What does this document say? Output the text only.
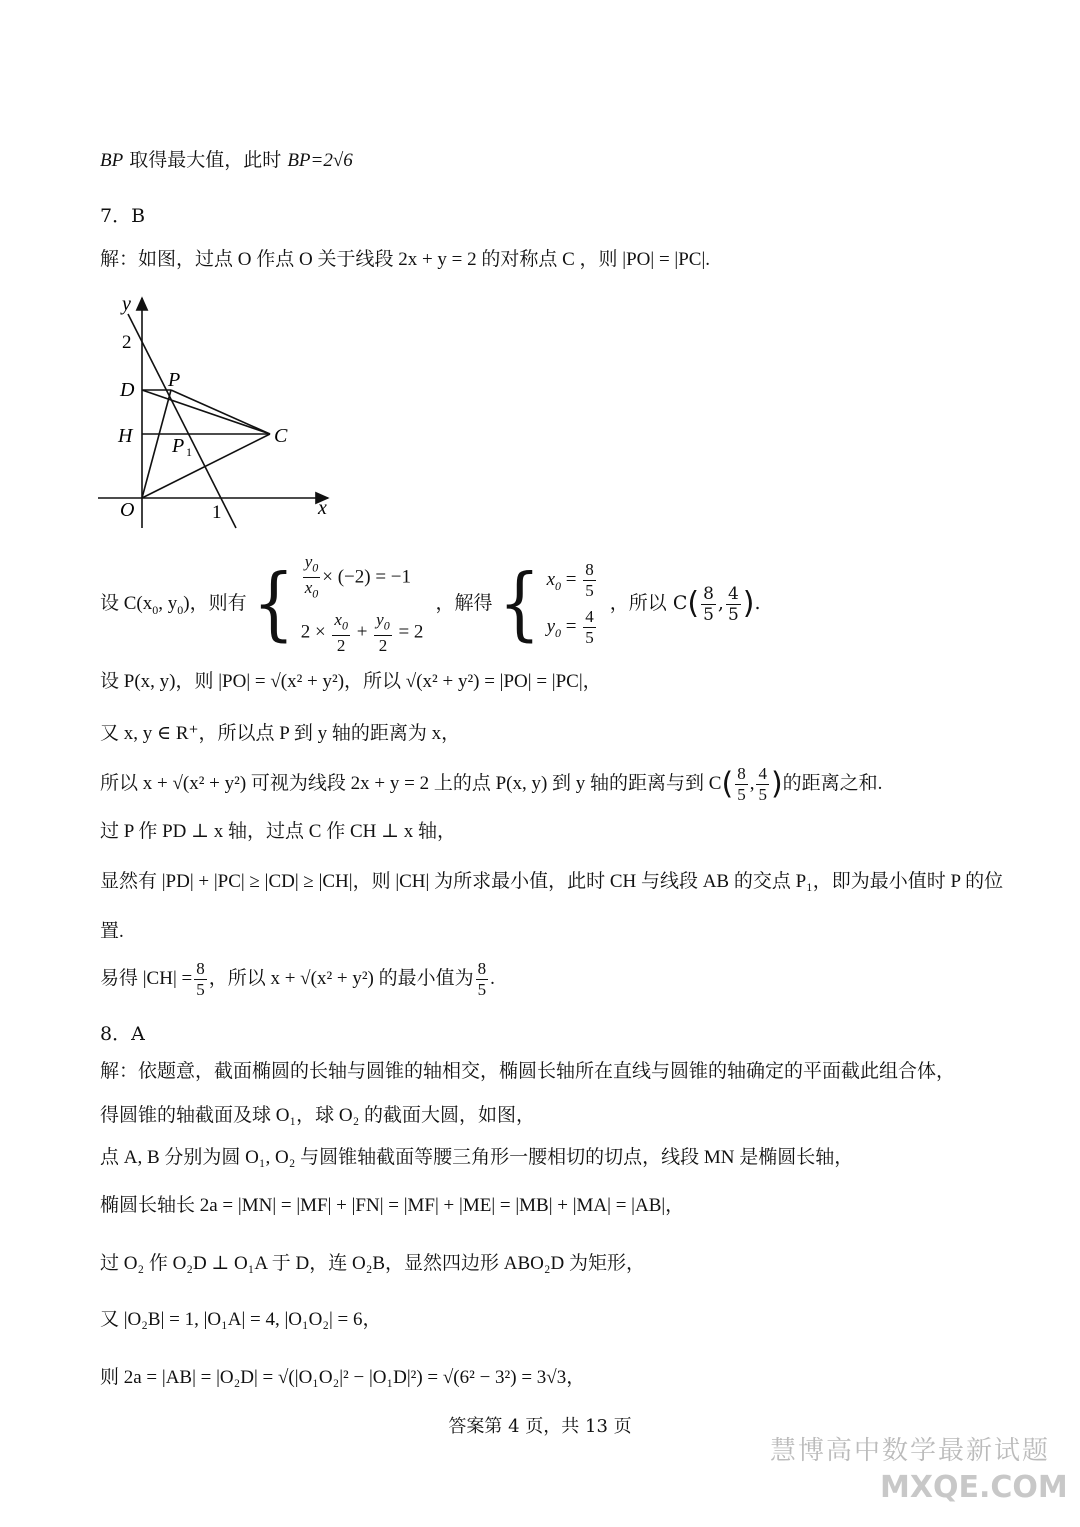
BP 取得最大值，此时 BP=2√6
7．B
解：如图，过点 O 作点 O 关于线段 2x + y = 2 的对称点 C ，则 |PO| = |PC|.
y
2
D P
H	C
P 1
O	1	x
设 $C(x_0$, $y_0$)，则有 { $\frac{y_0}{x_0} \times (-2) = -1$
$2 \times \frac{x_0}{2} + \frac{y_0}{2} = 2$
，解得 { $x_0 = \frac{8}{5}$
$y_0 = \frac{4}{5}$
，所以 $C( \frac{8}{5}$ , $\frac{4}{5}$ ).
设 P(x, y)，则 |PO| = √(x² + y²)，所以 √(x² + y²) = |PO| = |PC|，
又 x, y ∈ R⁺，所以点 P 到 y 轴的距离为 x，
所以 x + √(x² + y²) 可视为线段 2x + y = 2 上的点 P(x, y) 到 y 轴的距离与到 $C( \frac{8}{5}$ , $\frac{4}{5}$ )的距离之和.
过 P 作 PD ⊥ x 轴，过点 C 作 CH ⊥ x 轴，
显然有 |PD| + |PC| ≥ |CD| ≥ |CH|，则 |CH| 为所求最小值，此时 CH 与线段 AB 的交点 P₁，即为最小值时 P 的位
置.
易得 $|CH| = \frac{8}{5}$ ，所以 x + √(x² + y²) 的最小值为 $\frac{8}{5}$ .
8．A
解：依题意，截面椭圆的长轴与圆锥的轴相交，椭圆长轴所在直线与圆锥的轴确定的平面截此组合体，
得圆锥的轴截面及球 O₁，球 O₂ 的截面大圆，如图，
点 A, B 分别为圆 O₁, O₂ 与圆锥轴截面等腰三角形一腰相切的切点，线段 MN 是椭圆长轴，
椭圆长轴长 2a = |MN| = |MF| + |FN| = |MF| + |ME| = |MB| + |MA| = |AB|，
过 O₂ 作 O₂D ⊥ O₁A 于 D，连 O₂B，显然四边形 ABO₂D 为矩形，
又 |O₂B| = 1, |O₁A| = 4, |O₁O₂| = 6，
则 2a = |AB| = |O₂D| = √(|O₁O₂|² − |O₁D|²) = √(6² − 3²) = 3√3，
答案第 4 页，共 13 页
慧博高中数学最新试题
MXQE.COM
